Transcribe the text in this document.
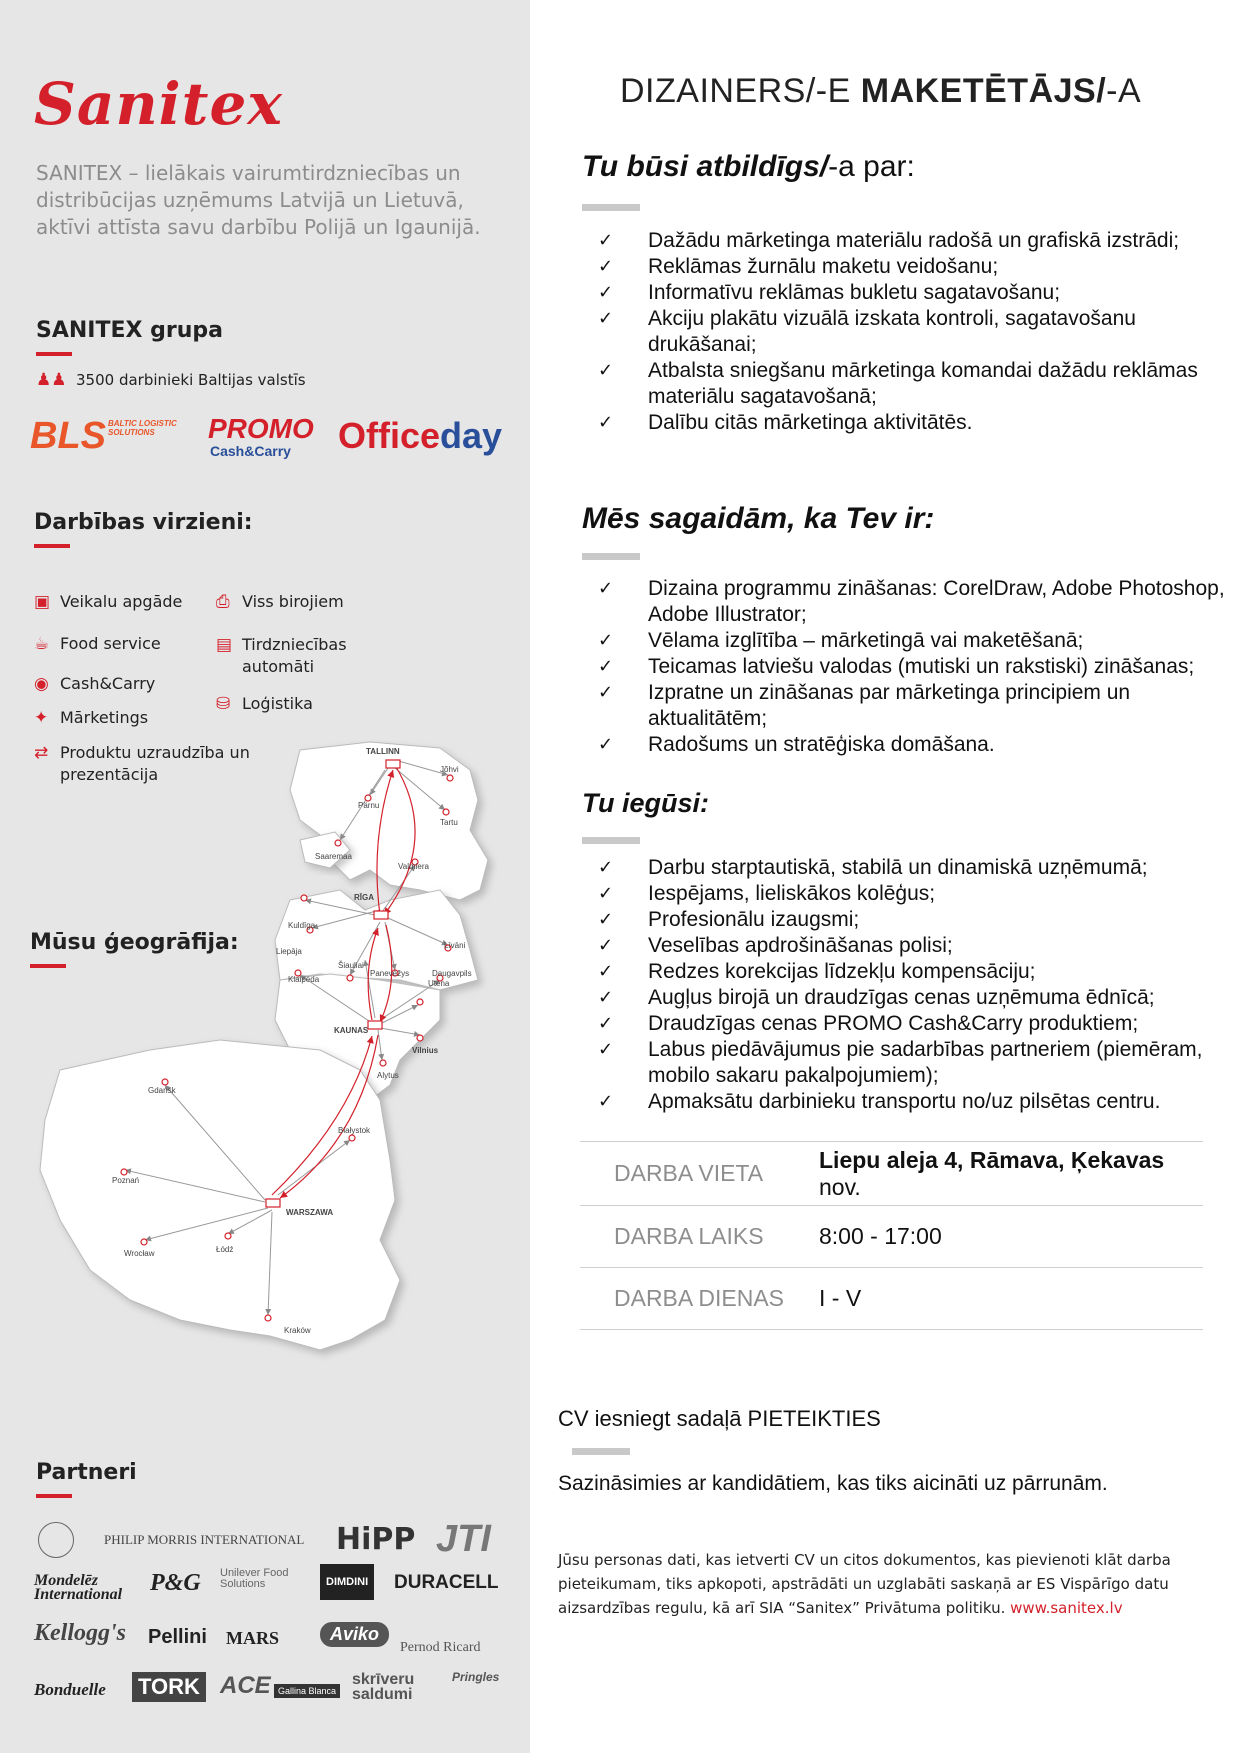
Sanitex
SANITEX – lielākais vairumtirdzniecības un distribūcijas uzņēmums Latvijā un Lietuvā, aktīvi attīsta savu darbību Polijā un Igaunijā.
SANITEX grupa
♟♟ 3500 darbinieki Baltijas valstīs
BLS BALTIC LOGISTIC SOLUTIONS	PROMO
Cash&Carry Officeday
Darbības virzieni:
▣ Veikalu apgāde
☕ Food service
◉ Cash&Carry
✦ Mārketings
⇄ Produktu uzraudzība un prezentācija
⎙ Viss birojiem
▤ Tirdzniecības automāti
⛁ Loģistika
Mūsu ģeogrāfija:
TALLINN
Jõhvi
Pärnu
Tartu
Saaremaa
Valmiera
RĪGA
Kuldīga
Liepāja
Šiauliai
Panevėžys
Līvāni
Daugavpils
Klaipėda	Utena
KAUNAS
Vilnius
Alytus
Gdańsk
Białystok
Poznań
WARSZAWA
Wrocław	Łódź
Kraków
Partneri
PHILIP MORRIS INTERNATIONAL HiPP JTI
Mondelēz International P&G Unilever Food Solutions	DIMDINI	DURACELL
Kellogg's Pellini MARS	Aviko
Pernod Ricard
Bonduelle TORK ACE Gallina Blanca
skrīveru saldumi
Pringles
DIZAINERS/-E MAKETĒTĀJS/-A
Tu būsi atbildīgs/-a par:
✓ Dažādu mārketinga materiālu radošā un grafiskā izstrādi;
✓ Reklāmas žurnālu maketu veidošanu;
✓ Informatīvu reklāmas bukletu sagatavošanu;
✓ Akciju plakātu vizuālā izskata kontroli, sagatavošanu drukāšanai;
✓ Atbalsta sniegšanu mārketinga komandai dažādu reklāmas materiālu sagatavošanā;
✓ Dalību citās mārketinga aktivitātēs.
Mēs sagaidām, ka Tev ir:
✓ Dizaina programmu zināšanas: CorelDraw, Adobe Photoshop, Adobe Illustrator;
✓ Vēlama izglītība – mārketingā vai maketēšanā;
✓ Teicamas latviešu valodas (mutiski un rakstiski) zināšanas;
✓ Izpratne un zināšanas par mārketinga principiem un aktualitātēm;
✓ Radošums un stratēģiska domāšana.
Tu iegūsi:
✓ Darbu starptautiskā, stabilā un dinamiskā uzņēmumā;
✓ Iespējams, lieliskākos kolēģus;
✓ Profesionālu izaugsmi;
✓ Veselības apdrošināšanas polisi;
✓ Redzes korekcijas līdzekļu kompensāciju;
✓ Augļus birojā un draudzīgas cenas uzņēmuma ēdnīcā;
✓ Draudzīgas cenas PROMO Cash&Carry produktiem;
✓ Labus piedāvājumus pie sadarbības partneriem (piemēram, mobilo sakaru pakalpojumiem);
✓ Apmaksātu darbinieku transportu no/uz pilsētas centru.
DARBA VIETA	Liepu aleja 4, Rāmava, Ķekavas
nov.
DARBA LAIKS	8:00 - 17:00
DARBA DIENAS	I - V
CV iesniegt sadaļā PIETEIKTIES
Sazināsimies ar kandidātiem, kas tiks aicināti uz pārrunām.
Jūsu personas dati, kas ietverti CV un citos dokumentos, kas pievienoti klāt darba pieteikumam, tiks apkopoti, apstrādāti un uzglabāti saskaņā ar ES Vispārīgo datu aizsardzības regulu, kā arī SIA “Sanitex” Privātuma politiku. www.sanitex.lv
